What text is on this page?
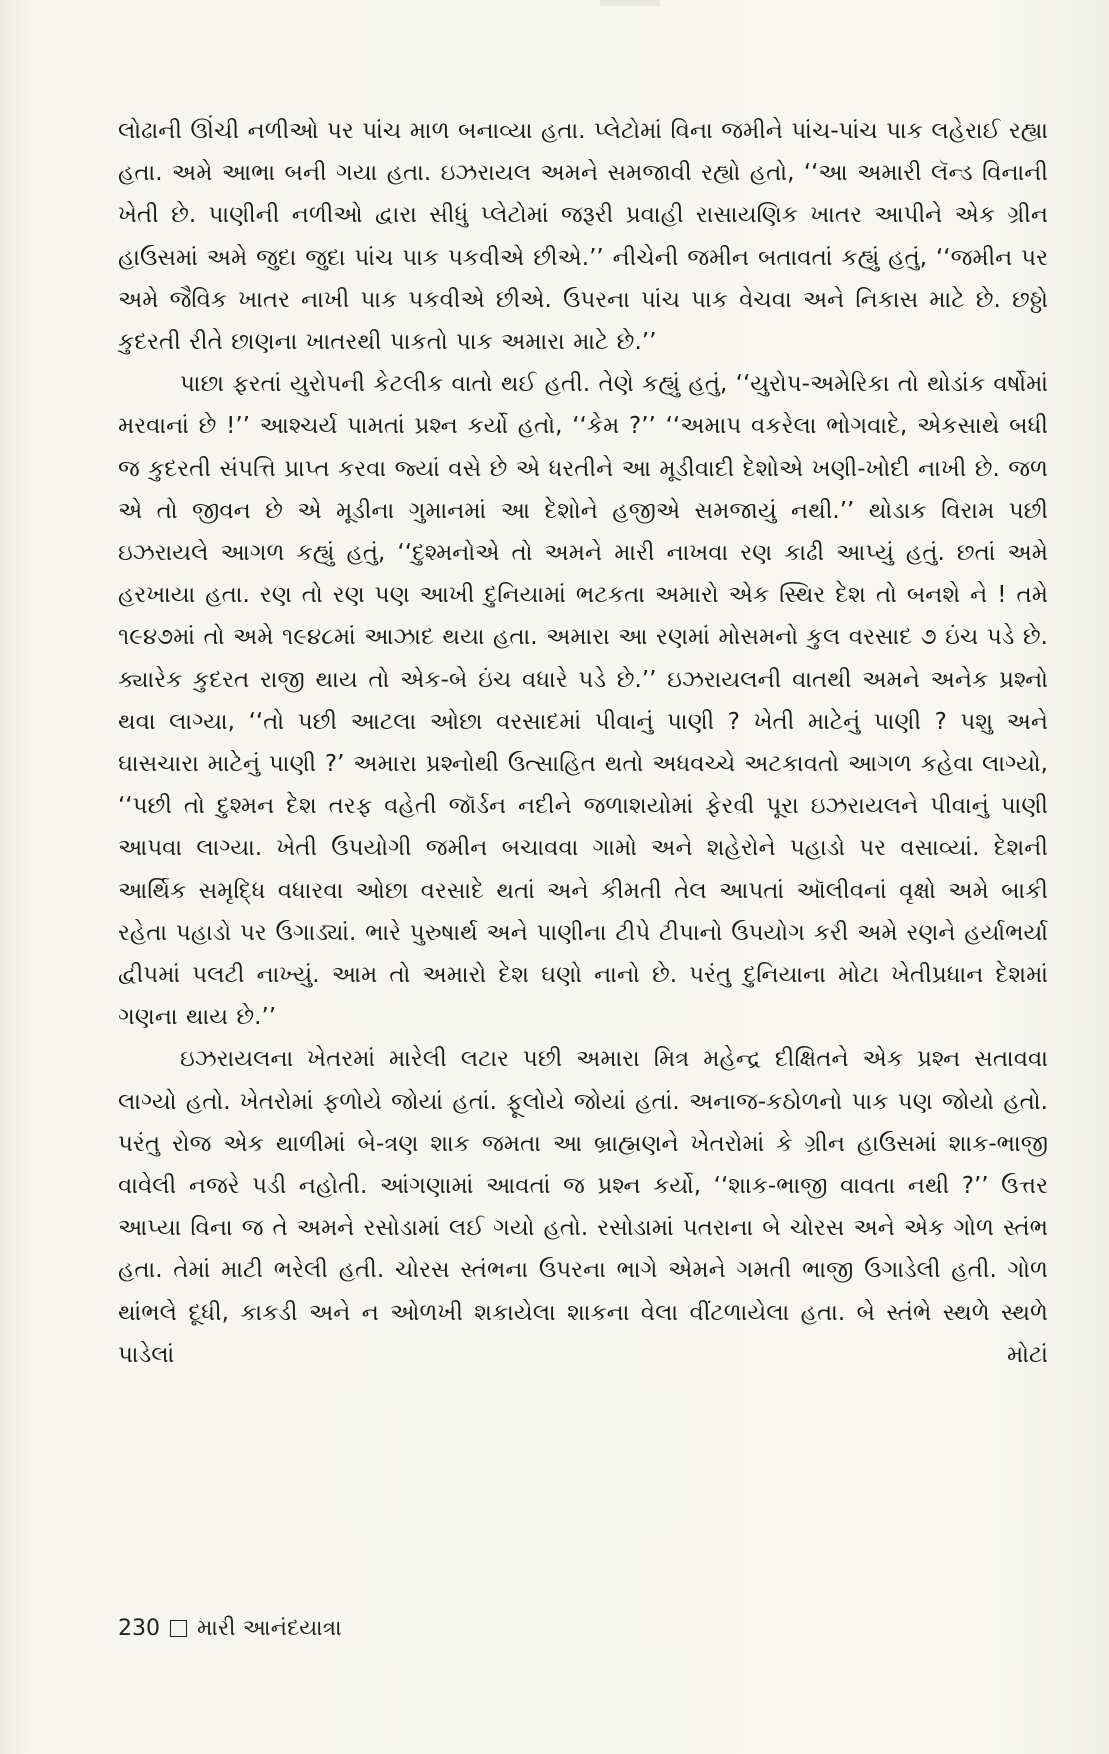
લોઢાની ઊંચી નળીઓ પર પાંચ માળ બનાવ્યા હતા. પ્લેટોમાં વિના જમીને પાંચ-પાંચ પાક લહેરાઈ રહ્યા હતા. અમે આભા બની ગયા હતા. ઇઝરાયલ અમને સમજાવી રહ્યો હતો, ‘‘આ અમારી લૅન્ડ વિનાની ખેતી છે. પાણીની નળીઓ દ્વારા સીધું પ્લેટોમાં જરૂરી પ્રવાહી રાસાયણિક ખાતર આપીને એક ગ્રીન હાઉસમાં અમે જુદા જુદા પાંચ પાક પકવીએ છીએ.’’ નીચેની જમીન બતાવતાં કહ્યું હતું, ‘‘જમીન પર અમે જૈવિક ખાતર નાખી પાક પકવીએ છીએ. ઉપરના પાંચ પાક વેચવા અને નિકાસ માટે છે. છઠ્ઠો કુદરતી રીતે છાણના ખાતરથી પાકતો પાક અમારા માટે છે.’’

પાછા ફરતાં યુરોપની કેટલીક વાતો થઈ હતી. તેણે કહ્યું હતું, ‘‘યુરોપ-અમેરિકા તો થોડાંક વર્ષોમાં મરવાનાં છે !’’ આશ્ચર્ય પામતાં પ્રશ્ન કર્યો હતો, ‘‘કેમ ?’’ ‘‘અમાપ વકરેલા ભોગવાદે, એકસાથે બધી જ કુદરતી સંપત્તિ પ્રાપ્ત કરવા જ્યાં વસે છે એ ધરતીને આ મૂડીવાદી દેશોએ ખણી-ખોદી નાખી છે. જળ એ તો જીવન છે એ મૂડીના ગુમાનમાં આ દેશોને હજીએ સમજાયું નથી.’’ થોડાક વિરામ પછી ઇઝરાયલે આગળ કહ્યું હતું, ‘‘દુશ્મનોએ તો અમને મારી નાખવા રણ કાઢી આપ્યું હતું. છતાં અમે હરખાયા હતા. રણ તો રણ પણ આખી દુનિયામાં ભટકતા અમારો એક સ્થિર દેશ તો બનશે ને ! તમે ૧૯૪૭માં તો અમે ૧૯૪૮માં આઝાદ થયા હતા. અમારા આ રણમાં મોસમનો કુલ વરસાદ ૭ ઇંચ પડે છે. ક્યારેક કુદરત રાજી થાય તો એક-બે ઇંચ વધારે પડે છે.’’ ઇઝરાયલની વાતથી અમને અનેક પ્રશ્નો થવા લાગ્યા, ‘‘તો પછી આટલા ઓછા વરસાદમાં પીવાનું પાણી ? ખેતી માટેનું પાણી ? પશુ અને ઘાસચારા માટેનું પાણી ?’ અમારા પ્રશ્નોથી ઉત્સાહિત થતો અધવચ્ચે અટકાવતો આગળ કહેવા લાગ્યો, ‘‘પછી તો દુશ્મન દેશ તરફ વહેતી જૉર્ડન નદીને જળાશયોમાં ફેરવી પૂરા ઇઝરાયલને પીવાનું પાણી આપવા લાગ્યા. ખેતી ઉપયોગી જમીન બચાવવા ગામો અને શહેરોને પહાડો પર વસાવ્યાં. દેશની આર્થિક સમૃદ્ધિ વધારવા ઓછા વરસાદે થતાં અને કીમતી તેલ આપતાં ઑલીવનાં વૃક્ષો અમે બાકી રહેતા પહાડો પર ઉગાડ્યાં. ભારે પુરુષાર્થ અને પાણીના ટીપે ટીપાનો ઉપયોગ કરી અમે રણને હર્યાભર્યા દ્વીપમાં પલટી નાખ્યું. આમ તો અમારો દેશ ઘણો નાનો છે. પરંતુ દુનિયાના મોટા ખેતીપ્રધાન દેશમાં ગણના થાય છે.’’

ઇઝરાયલના ખેતરમાં મારેલી લટાર પછી અમારા મિત્ર મહેન્દ્ર દીક્ષિતને એક પ્રશ્ન સતાવવા લાગ્યો હતો. ખેતરોમાં ફળોયે જોયાં હતાં. ફૂલોયે જોયાં હતાં. અનાજ-કઠોળનો પાક પણ જોયો હતો. પરંતુ રોજ એક થાળીમાં બે-ત્રણ શાક જમતા આ બ્રાહ્મણને ખેતરોમાં કે ગ્રીન હાઉસમાં શાક-ભાજી વાવેલી નજરે પડી નહોતી. આંગણામાં આવતાં જ પ્રશ્ન કર્યો, ‘‘શાક-ભાજી વાવતા નથી ?’’ ઉત્તર આપ્યા વિના જ તે અમને રસોડામાં લઈ ગયો હતો. રસોડામાં પતરાના બે ચોરસ અને એક ગોળ સ્તંભ હતા. તેમાં માટી ભરેલી હતી. ચોરસ સ્તંભના ઉપરના ભાગે એમને ગમતી ભાજી ઉગાડેલી હતી. ગોળ થાંભલે દૂધી, કાકડી અને ન ઓળખી શકાયેલા શાકના વેલા વીંટળાયેલા હતા. બે સ્તંભે સ્થળે સ્થળે પાડેલાં મોટાં

230 મારી આનંદયાત્રા
